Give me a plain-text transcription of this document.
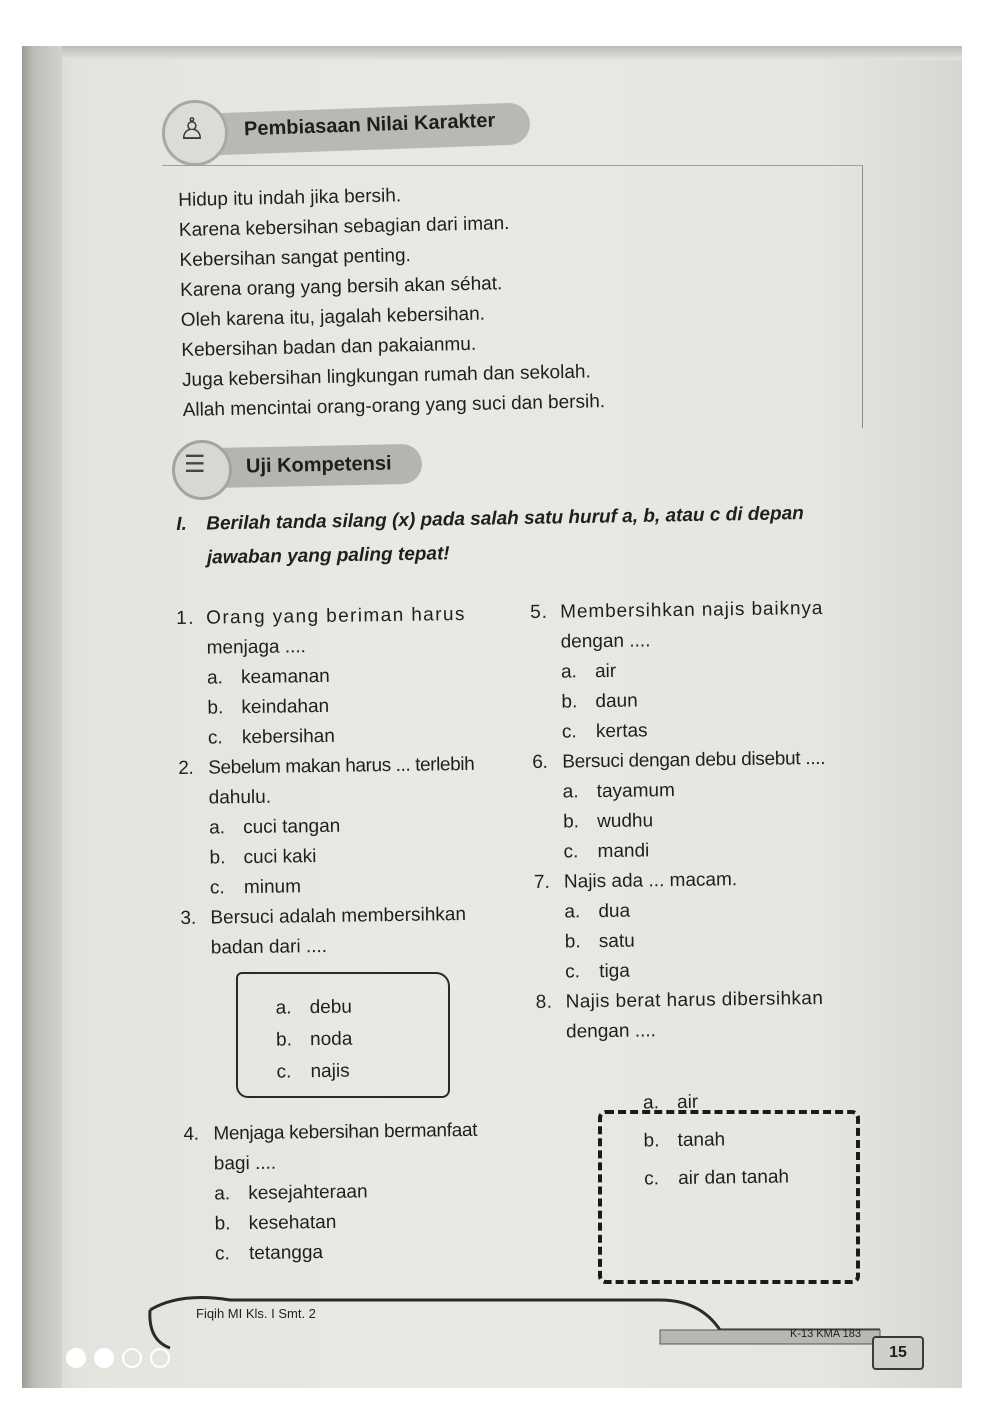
♙ Pembiasaan Nilai Karakter
Hidup itu indah jika bersih.
Karena kebersihan sebagian dari iman.
Kebersihan sangat penting.
Karena orang yang bersih akan séhat.
Oleh karena itu, jagalah kebersihan.
Kebersihan badan dan pakaianmu.
Juga kebersihan lingkungan rumah dan sekolah.
Allah mencintai orang-orang yang suci dan bersih.
☰ Uji Kompetensi
I. Berilah tanda silang (x) pada salah satu huruf a, b, atau c di depan
jawaban yang paling tepat!
1. Orang yang beriman harus
menjaga ....
a. keamanan
b. keindahan
c. kebersihan
2. Sebelum makan harus ... terlebih
dahulu.
a. cuci tangan
b. cuci kaki
c. minum
3. Bersuci adalah membersihkan
badan dari ....
a. debu
b. noda
c. najis
4. Menjaga kebersihan bermanfaat
bagi ....
a. kesejahteraan
b. kesehatan
c. tetangga
5. Membersihkan najis baiknya
dengan ....
a. air
b. daun
c. kertas
6. Bersuci dengan debu disebut ....
a. tayamum
b. wudhu
c. mandi
7. Najis ada ... macam.
a. dua
b. satu
c. tiga
8. Najis berat harus dibersihkan
dengan ....
a. air
b. tanah
c. air dan tanah
Fiqih MI Kls. I Smt. 2
K-13 KMA 183
15
